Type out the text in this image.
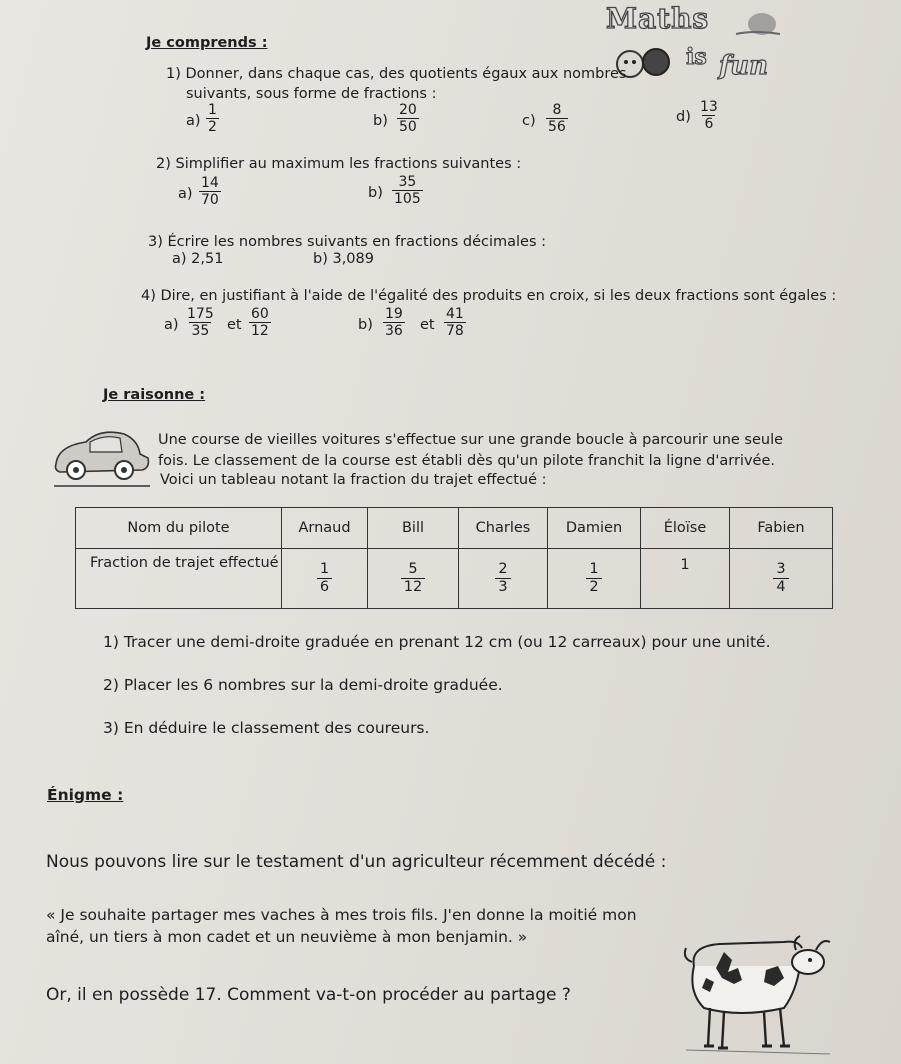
Maths
is fun
Je comprends :
1) Donner, dans chaque cas, des quotients égaux aux nombres
suivants, sous forme de fractions :
$a) \frac{1}{2}$	$b) \frac{20}{50}$	$c) \frac{8}{56}$	$d) \frac{13}{6}$
2) Simplifier au maximum les fractions suivantes :
$a) \frac{14}{70}$	$b) \frac{35}{105}$
3) Écrire les nombres suivants en fractions décimales :
a) 2,51	b) 3,089
4) Dire, en justifiant à l'aide de l'égalité des produits en croix, si les deux fractions sont égales :
$a) \frac{175}{35}$ et $\frac{60}{12}$	$b) \frac{19}{36}$ et $\frac{41}{78}$
Je raisonne :
Une course de vieilles voitures s'effectue sur une grande boucle à parcourir une seule
fois. Le classement de la course est établi dès qu'un pilote franchit la ligne d'arrivée.
Voici un tableau notant la fraction du trajet effectué :
Nom du pilote	Arnaud	Bill	Charles	Damien	Éloïse	Fabien
Fraction de trajet effectué	$\frac{1}{6}$	$\frac{5}{12}$	$\frac{2}{3}$	$\frac{1}{2}$	1	$\frac{3}{4}$
1) Tracer une demi-droite graduée en prenant 12 cm (ou 12 carreaux) pour une unité.
2) Placer les 6 nombres sur la demi-droite graduée.
3) En déduire le classement des coureurs.
Énigme :
Nous pouvons lire sur le testament d'un agriculteur récemment décédé :
« Je souhaite partager mes vaches à mes trois fils. J'en donne la moitié mon
aîné, un tiers à mon cadet et un neuvième à mon benjamin. »
Or, il en possède 17. Comment va-t-on procéder au partage ?
